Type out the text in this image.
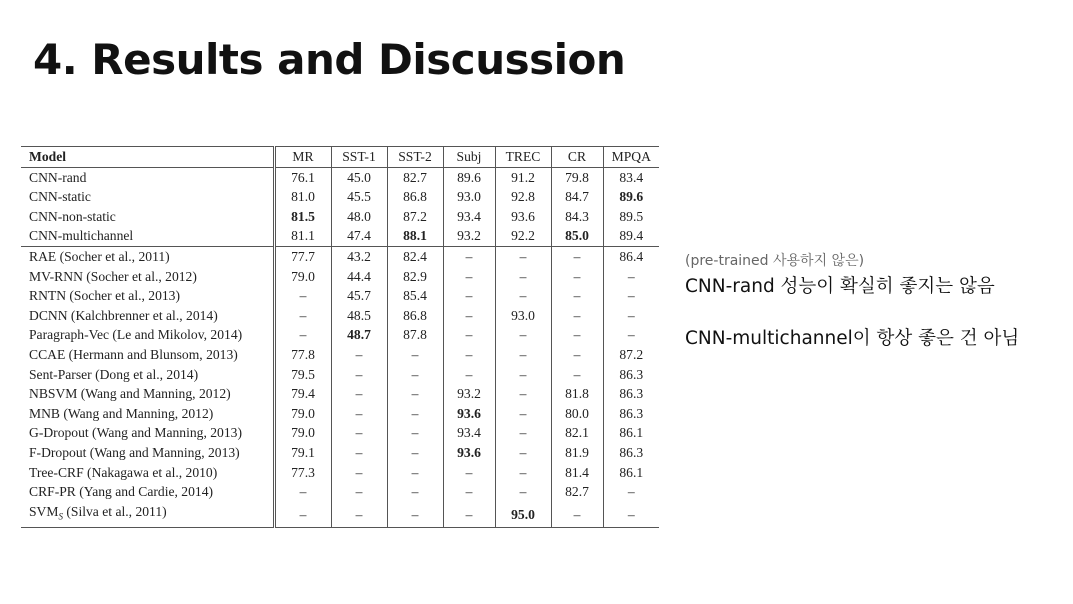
4. Results and Discussion
Model	MR	SST-1	SST-2	Subj	TREC	CR	MPQA
CNN-rand	76.1	45.0	82.7	89.6	91.2	79.8	83.4
CNN-static	81.0	45.5	86.8	93.0	92.8	84.7	89.6
CNN-non-static	81.5	48.0	87.2	93.4	93.6	84.3	89.5
CNN-multichannel	81.1	47.4	88.1	93.2	92.2	85.0	89.4
RAE (Socher et al., 2011)	77.7	43.2	82.4	–	–	–	86.4
MV-RNN (Socher et al., 2012)	79.0	44.4	82.9	–	–	–	–
RNTN (Socher et al., 2013)	–	45.7	85.4	–	–	–	–
DCNN (Kalchbrenner et al., 2014)	–	48.5	86.8	–	93.0	–	–
Paragraph-Vec (Le and Mikolov, 2014)	–	48.7	87.8	–	–	–	–
CCAE (Hermann and Blunsom, 2013)	77.8	–	–	–	–	–	87.2
Sent-Parser (Dong et al., 2014)	79.5	–	–	–	–	–	86.3
NBSVM (Wang and Manning, 2012)	79.4	–	–	93.2	–	81.8	86.3
MNB (Wang and Manning, 2012)	79.0	–	–	93.6	–	80.0	86.3
G-Dropout (Wang and Manning, 2013)	79.0	–	–	93.4	–	82.1	86.1
F-Dropout (Wang and Manning, 2013)	79.1	–	–	93.6	–	81.9	86.3
Tree-CRF (Nakagawa et al., 2010)	77.3	–	–	–	–	81.4	86.1
CRF-PR (Yang and Cardie, 2014)	–	–	–	–	–	82.7	–
$SVM_S$ (Silva et al., 2011)	–	–	–	–	95.0	–	–
(pre-trained 사용하지 않은)
CNN-rand 성능이 확실히 좋지는 않음
CNN-multichannel이 항상 좋은 건 아님
